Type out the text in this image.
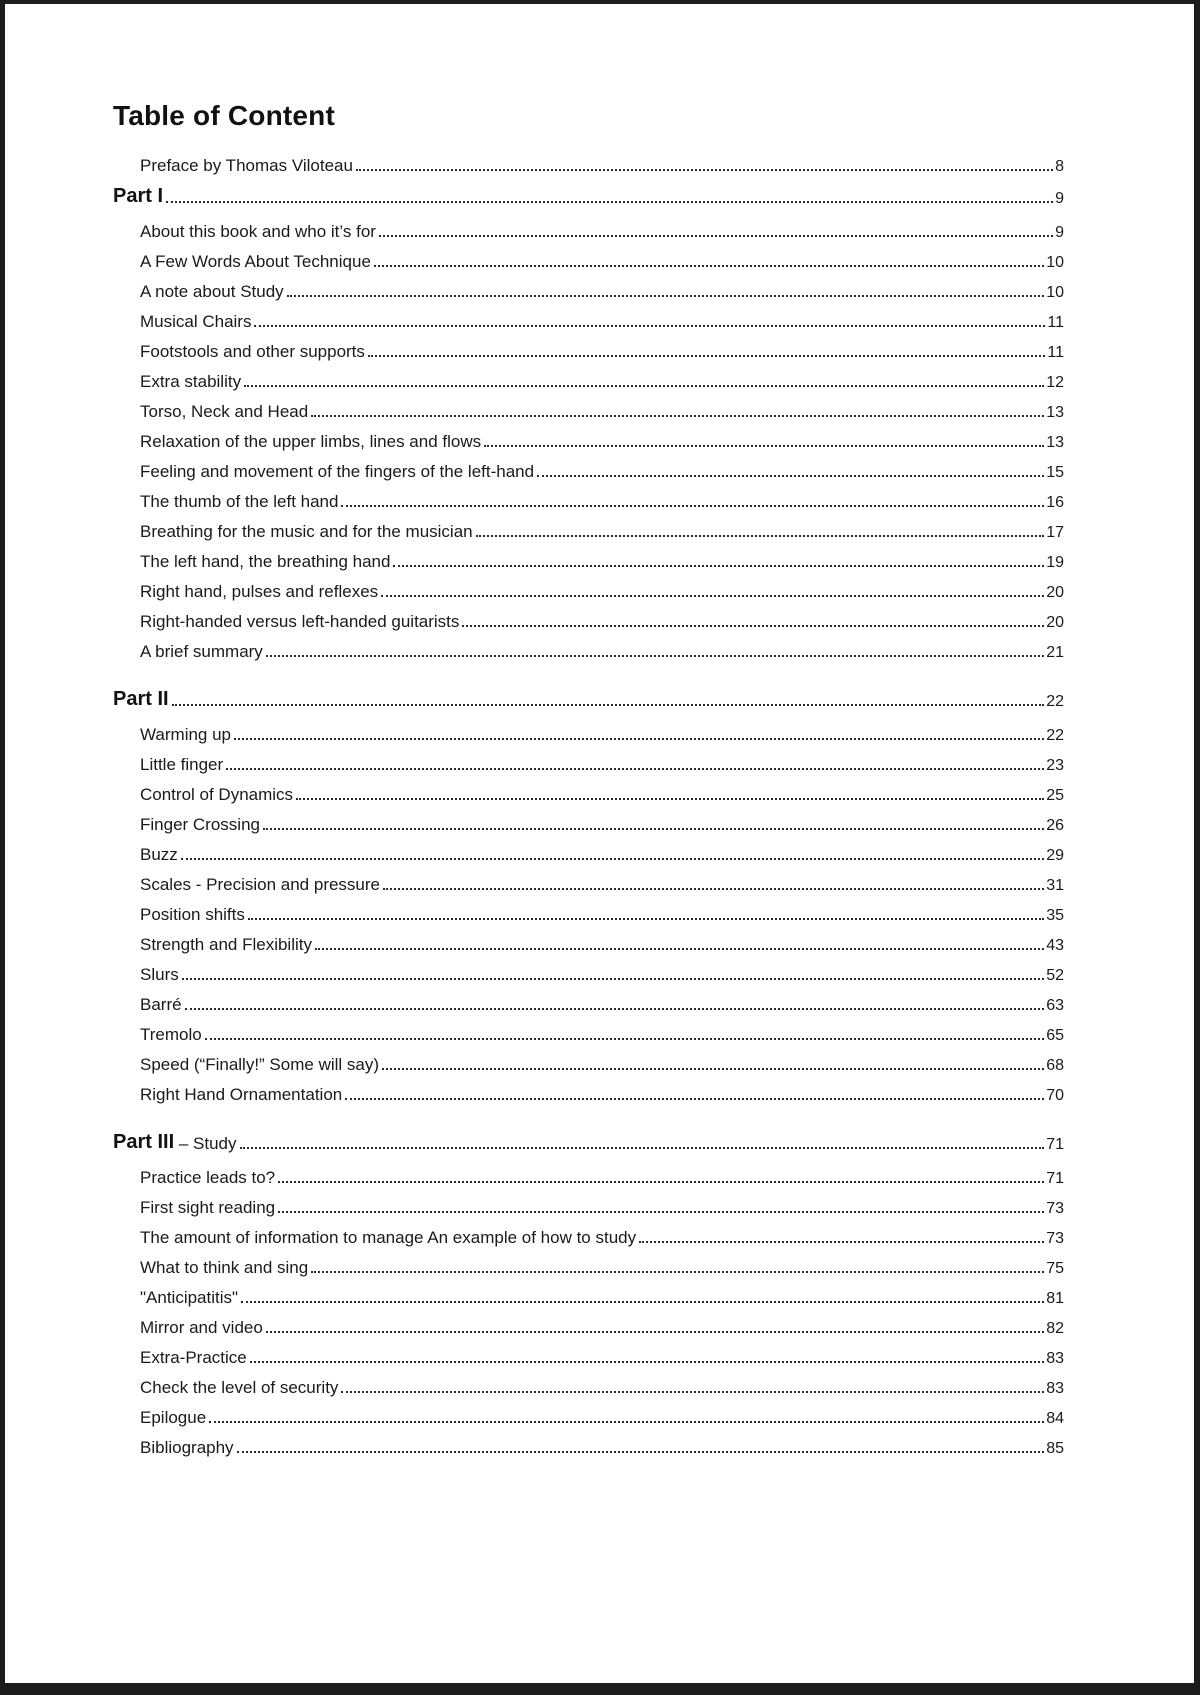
Table of Content
Preface by Thomas Viloteau	8
Part I	9
About this book and who it’s for	9
A Few Words About Technique	10
A note about Study	10
Musical Chairs	11
Footstools and other supports	11
Extra stability	12
Torso, Neck and Head	13
Relaxation of the upper limbs, lines and flows	13
Feeling and movement of the fingers of the left-hand	15
The thumb of the left hand	16
Breathing for the music and for the musician	17
The left hand, the breathing hand	19
Right hand, pulses and reflexes	20
Right-handed versus left-handed guitarists	20
A brief summary	21
Part II	22
Warming up	22
Little finger	23
Control of Dynamics	25
Finger Crossing	26
Buzz	29
Scales - Precision and pressure	31
Position shifts	35
Strength and Flexibility	43
Slurs	52
Barré	63
Tremolo	65
Speed (“Finally!” Some will say)	68
Right Hand Ornamentation	70
Part III – Study	71
Practice leads to?	71
First sight reading	73
The amount of information to manage An example of how to study	73
What to think and sing	75
"Anticipatitis"	81
Mirror and video	82
Extra-Practice	83
Check the level of security	83
Epilogue	84
Bibliography	85
